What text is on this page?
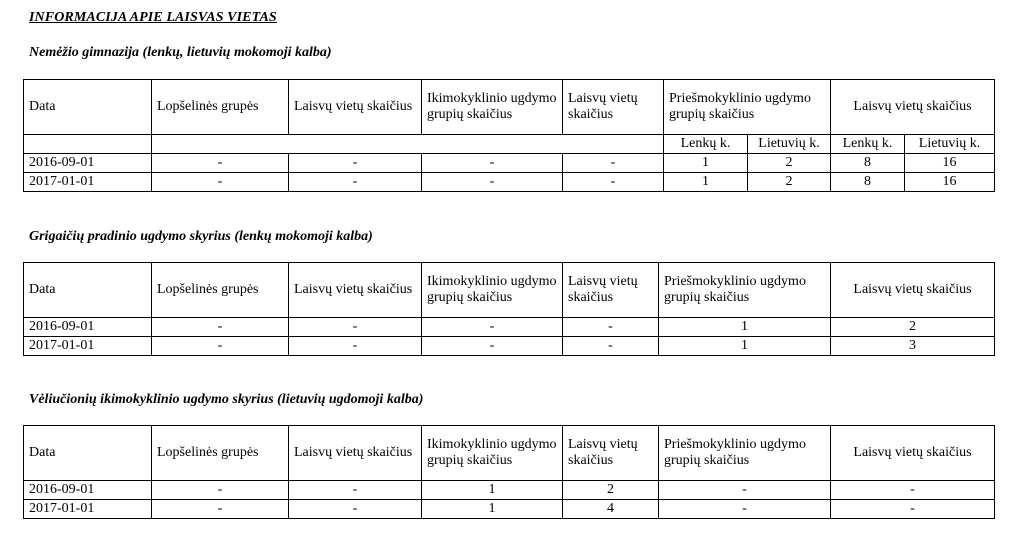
INFORMACIJA APIE LAISVAS VIETAS
Nemėžio gimnazija (lenkų, lietuvių mokomoji kalba)
Data	Lopšelinės grupės	Laisvų vietų skaičius	Ikimokyklinio ugdymo grupių skaičius	Laisvų vietų skaičius	Priešmokyklinio ugdymo grupių skaičius		Laisvų vietų skaičius	
					Lenkų k.	Lietuvių k.	Lenkų k.	Lietuvių k.
2016-09-01	-	-	-	-	1	2	8	16
2017-01-01	-	-	-	-	1	2	8	16
Grigaičių pradinio ugdymo skyrius (lenkų mokomoji kalba)
Data	Lopšelinės grupės	Laisvų vietų skaičius	Ikimokyklinio ugdymo grupių skaičius	Laisvų vietų skaičius	Priešmokyklinio ugdymo grupių skaičius	Laisvų vietų skaičius
2016-09-01	-	-	-	-	1	2
2017-01-01	-	-	-	-	1	3
Vėliučionių ikimokyklinio ugdymo skyrius (lietuvių ugdomoji kalba)
Data	Lopšelinės grupės	Laisvų vietų skaičius	Ikimokyklinio ugdymo grupių skaičius	Laisvų vietų skaičius	Priešmokyklinio ugdymo grupių skaičius	Laisvų vietų skaičius
2016-09-01	-	-	1	2	-	-
2017-01-01	-	-	1	4	-	-
